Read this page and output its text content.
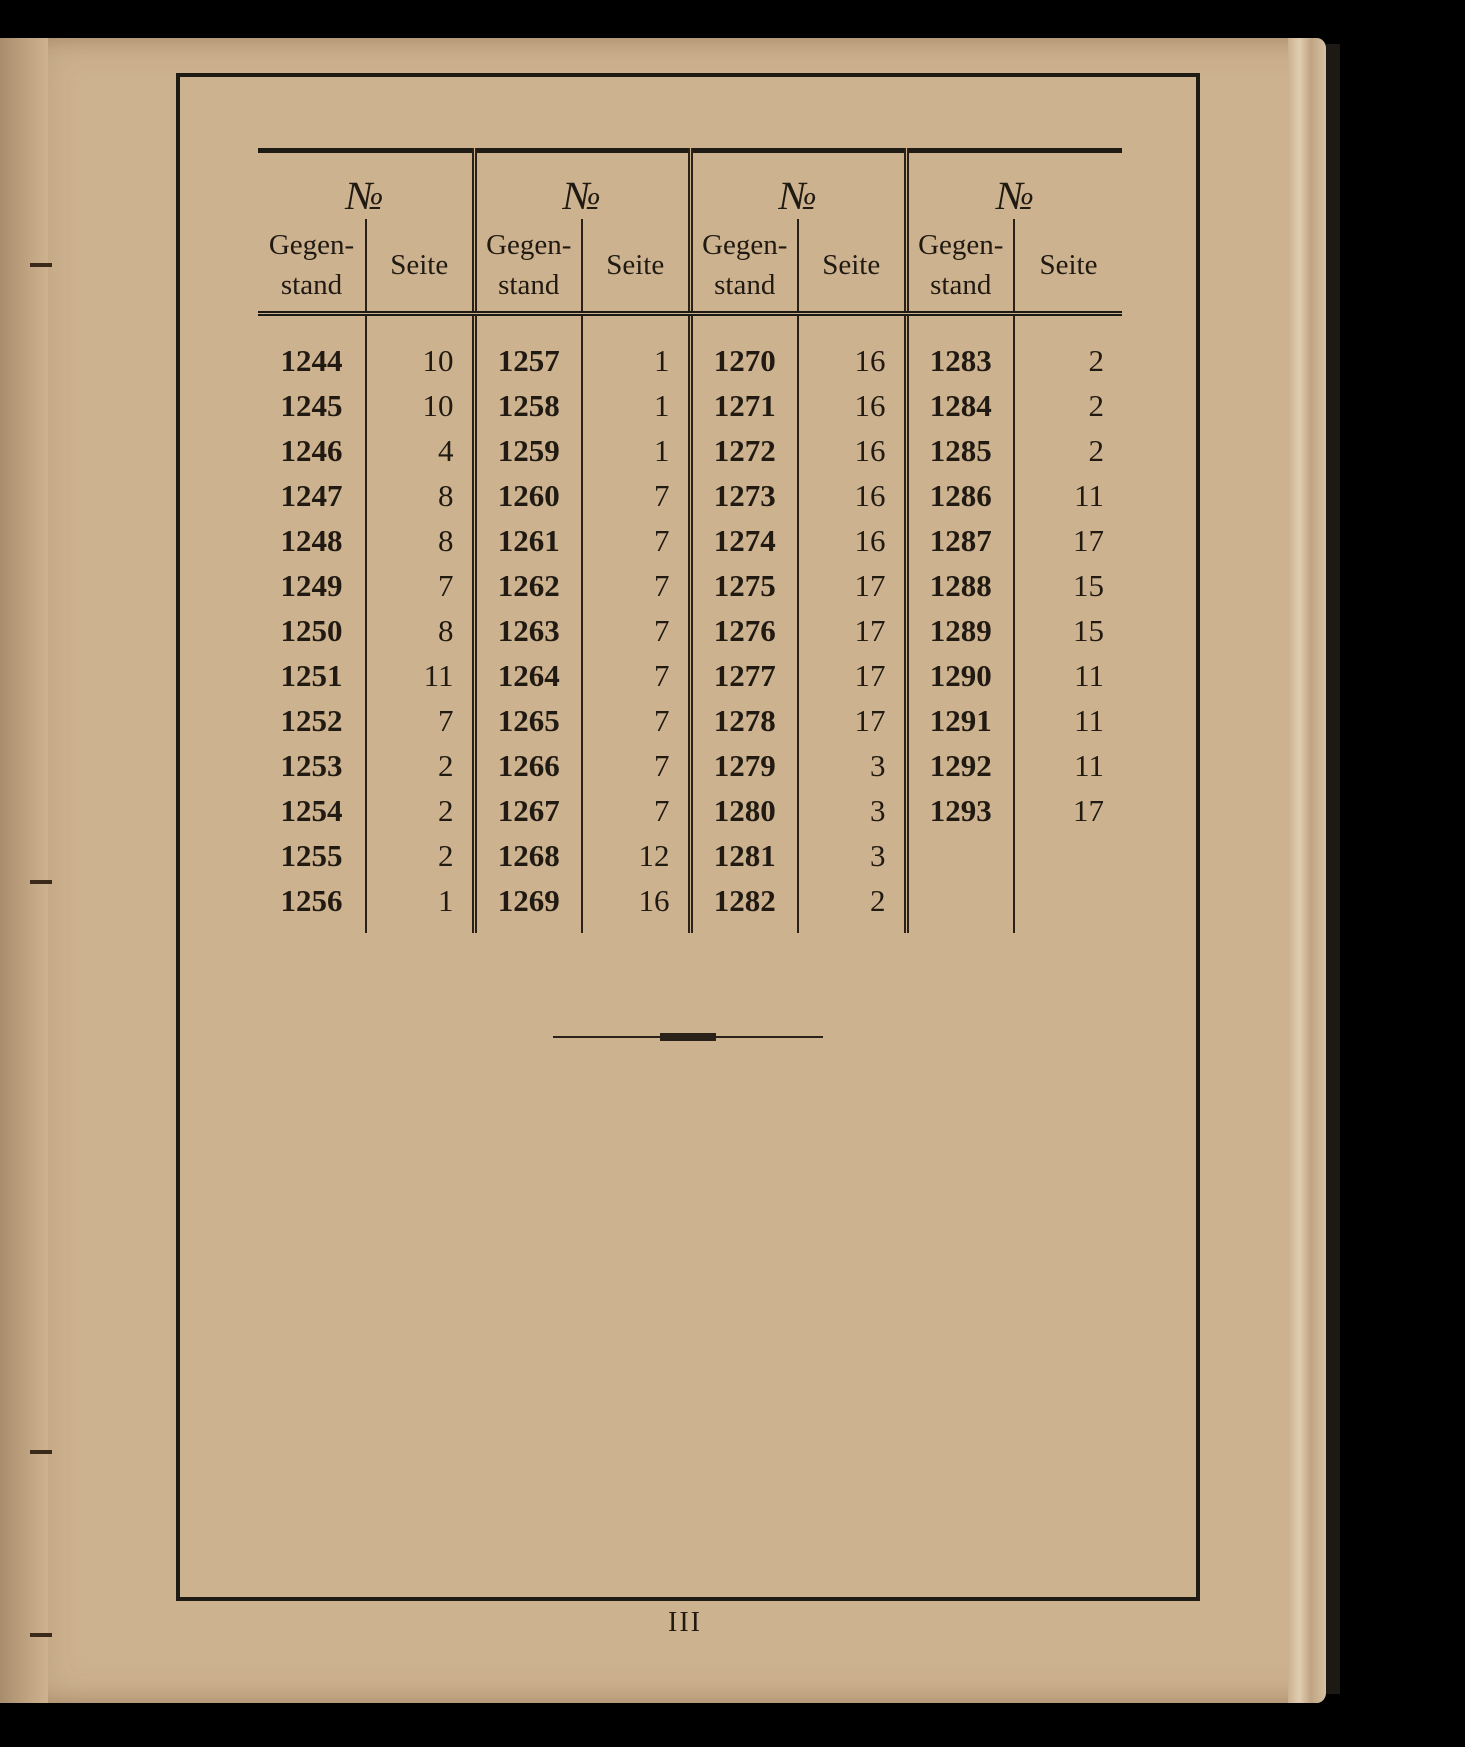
№		№		№		№	
Gegen-
stand	Seite	Gegen-
stand	Seite	Gegen-
stand	Seite	Gegen-
stand	Seite

1244	10	1257	1	1270	16	1283	2
1245	10	1258	1	1271	16	1284	2
1246	4	1259	1	1272	16	1285	2
1247	8	1260	7	1273	16	1286	11
1248	8	1261	7	1274	16	1287	17
1249	7	1262	7	1275	17	1288	15
1250	8	1263	7	1276	17	1289	15
1251	11	1264	7	1277	17	1290	11
1252	7	1265	7	1278	17	1291	11
1253	2	1266	7	1279	3	1292	11
1254	2	1267	7	1280	3	1293	17
1255	2	1268	12	1281	3		
1256	1	1269	16	1282	2		

III
